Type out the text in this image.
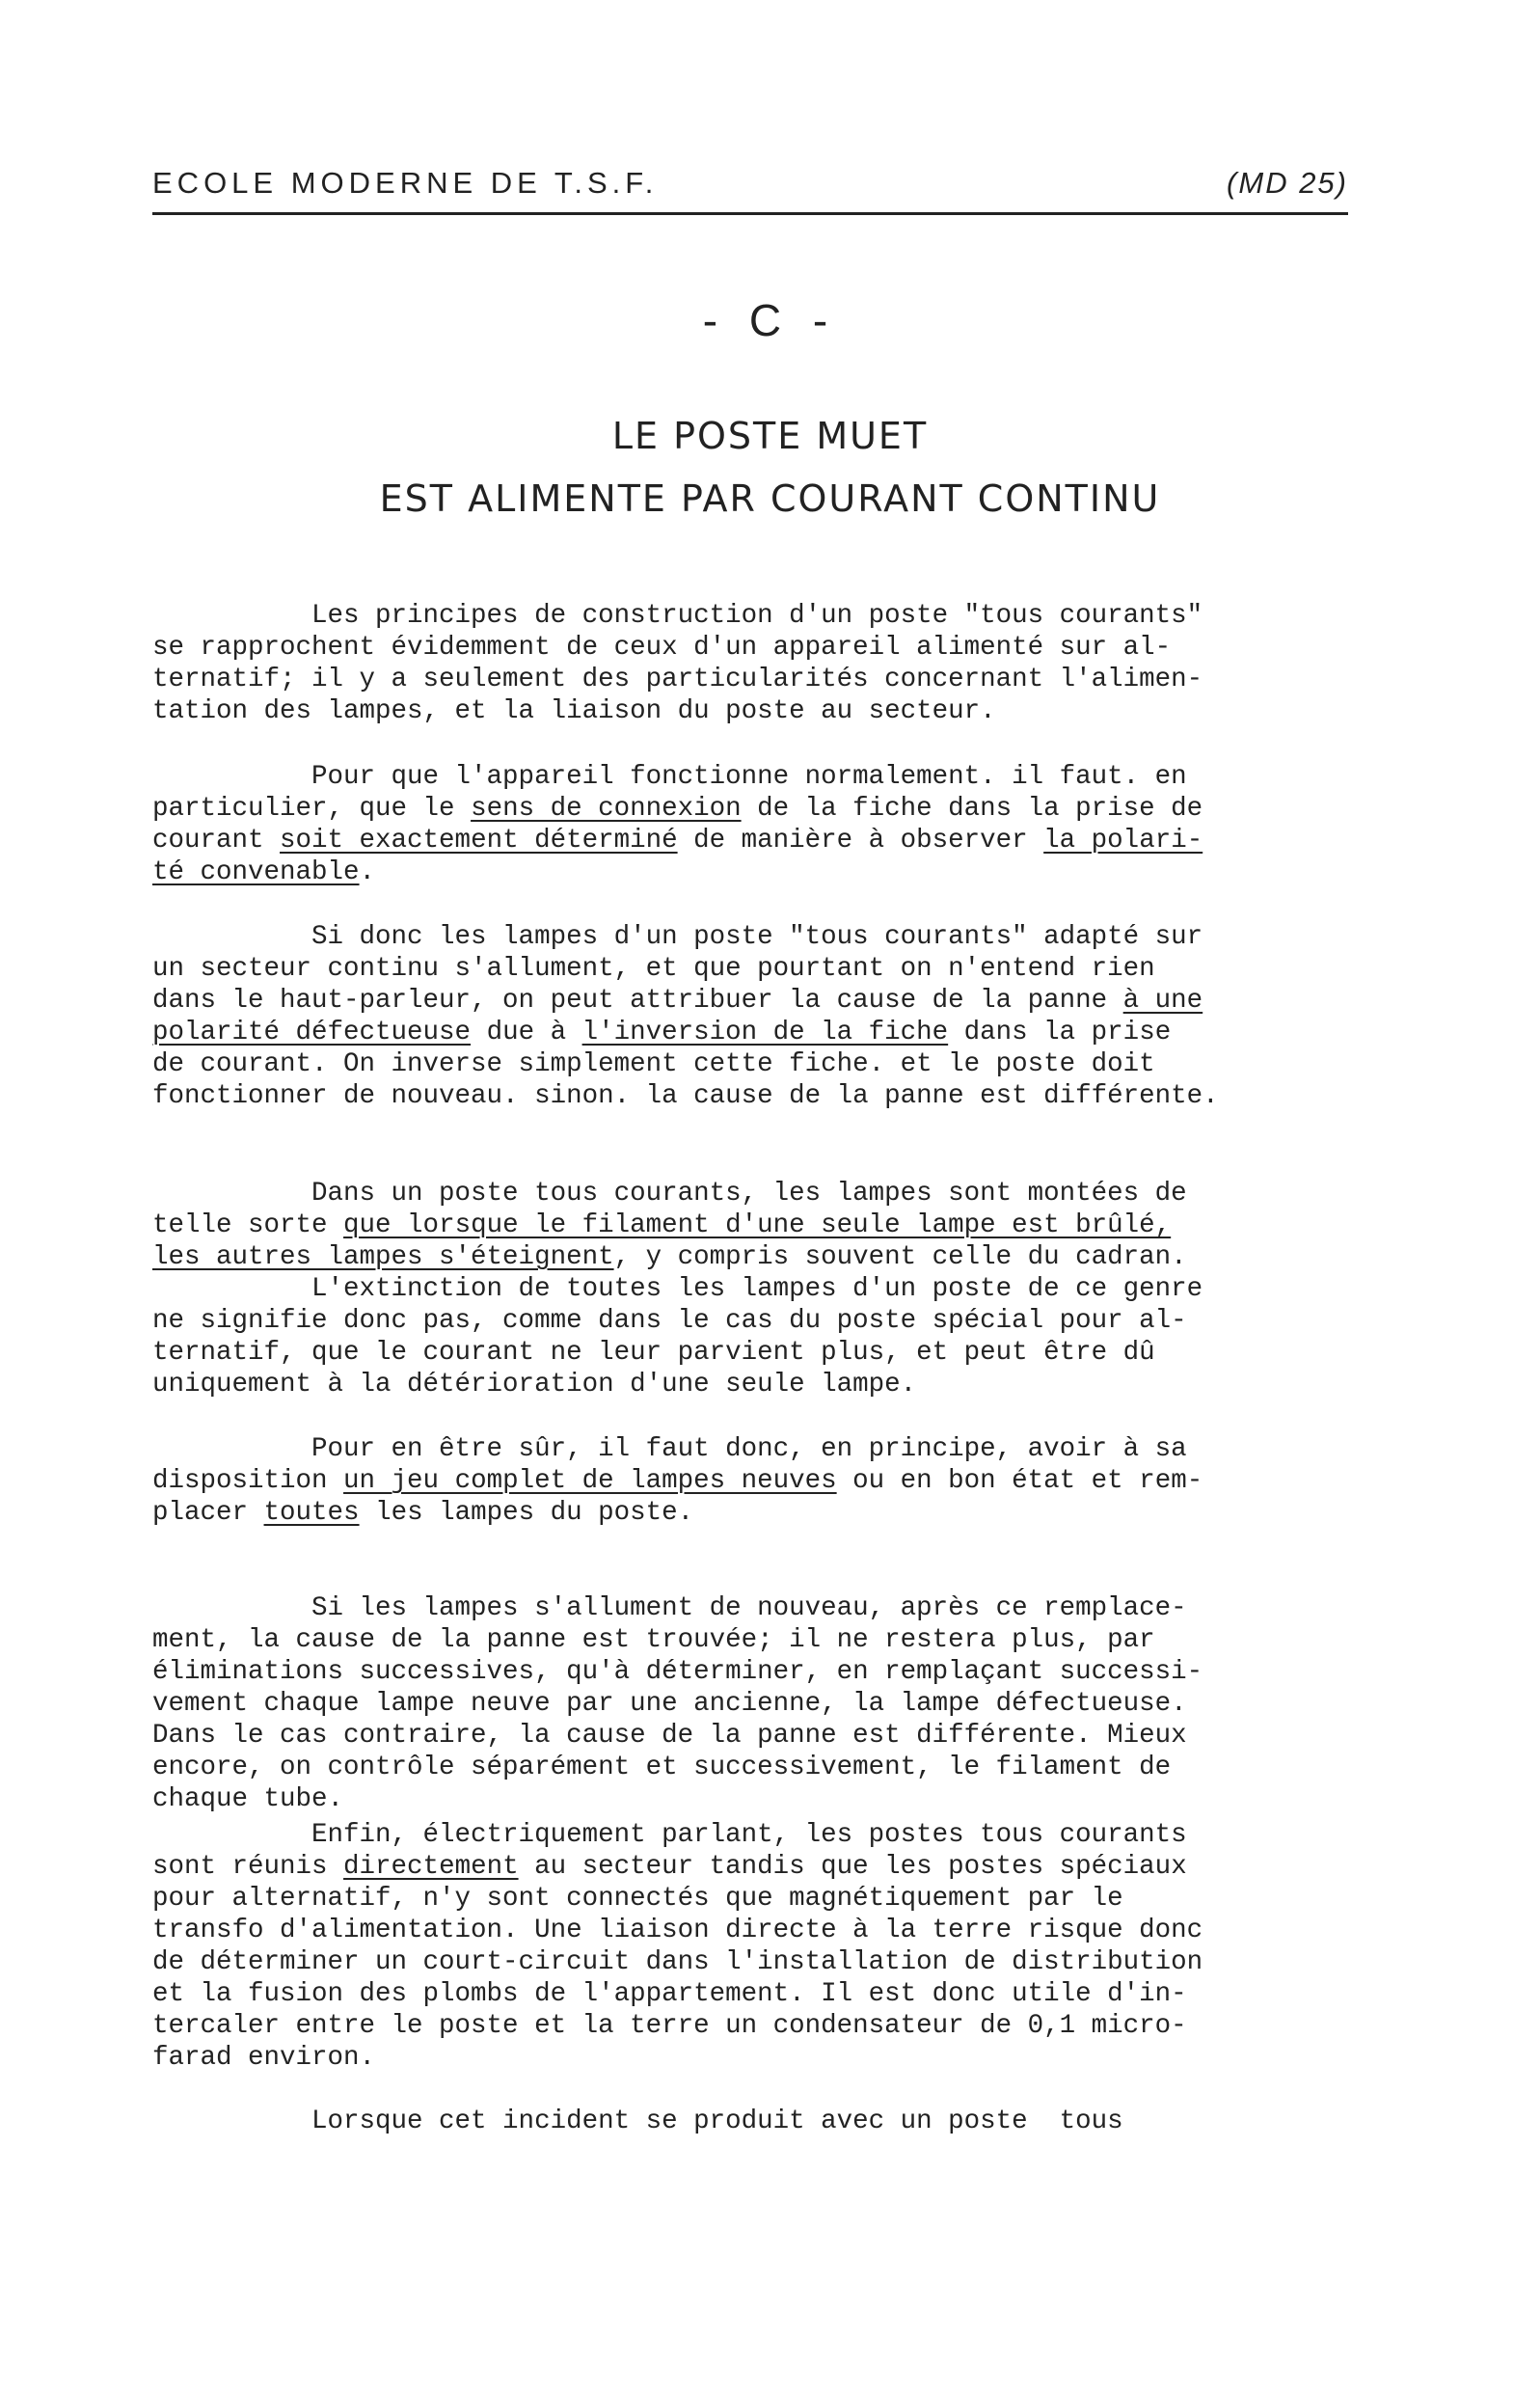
ECOLE MODERNE DE T.S.F.	(MD 25)
- C -
LE POSTE MUET
EST ALIMENTE PAR COURANT CONTINU
Les principes de construction d'un poste "tous courants"
se rapprochent évidemment de ceux d'un appareil alimenté sur al-
ternatif; il y a seulement des particularités concernant l'alimen-
tation des lampes, et la liaison du poste au secteur.
Pour que l'appareil fonctionne normalement. il faut. en
particulier, que le sens de connexion de la fiche dans la prise de
courant soit exactement déterminé de manière à observer la polari-
té convenable.
Si donc les lampes d'un poste "tous courants" adapté sur
un secteur continu s'allument, et que pourtant on n'entend rien
dans le haut-parleur, on peut attribuer la cause de la panne à une
polarité défectueuse due à l'inversion de la fiche dans la prise
de courant. On inverse simplement cette fiche. et le poste doit
fonctionner de nouveau. sinon. la cause de la panne est différente.
Dans un poste tous courants, les lampes sont montées de
telle sorte que lorsque le filament d'une seule lampe est brûlé,
les autres lampes s'éteignent, y compris souvent celle du cadran.
L'extinction de toutes les lampes d'un poste de ce genre
ne signifie donc pas, comme dans le cas du poste spécial pour al-
ternatif, que le courant ne leur parvient plus, et peut être dû
uniquement à la détérioration d'une seule lampe.
Pour en être sûr, il faut donc, en principe, avoir à sa
disposition un jeu complet de lampes neuves ou en bon état et rem-
placer toutes les lampes du poste.
Si les lampes s'allument de nouveau, après ce remplace-
ment, la cause de la panne est trouvée; il ne restera plus, par
éliminations successives, qu'à déterminer, en remplaçant successi-
vement chaque lampe neuve par une ancienne, la lampe défectueuse.
Dans le cas contraire, la cause de la panne est différente. Mieux
encore, on contrôle séparément et successivement, le filament de
chaque tube.
Enfin, électriquement parlant, les postes tous courants
sont réunis directement au secteur tandis que les postes spéciaux
pour alternatif, n'y sont connectés que magnétiquement par le
transfo d'alimentation. Une liaison directe à la terre risque donc
de déterminer un court-circuit dans l'installation de distribution
et la fusion des plombs de l'appartement. Il est donc utile d'in-
tercaler entre le poste et la terre un condensateur de 0,1 micro-
farad environ.
Lorsque cet incident se produit avec un poste  tous
